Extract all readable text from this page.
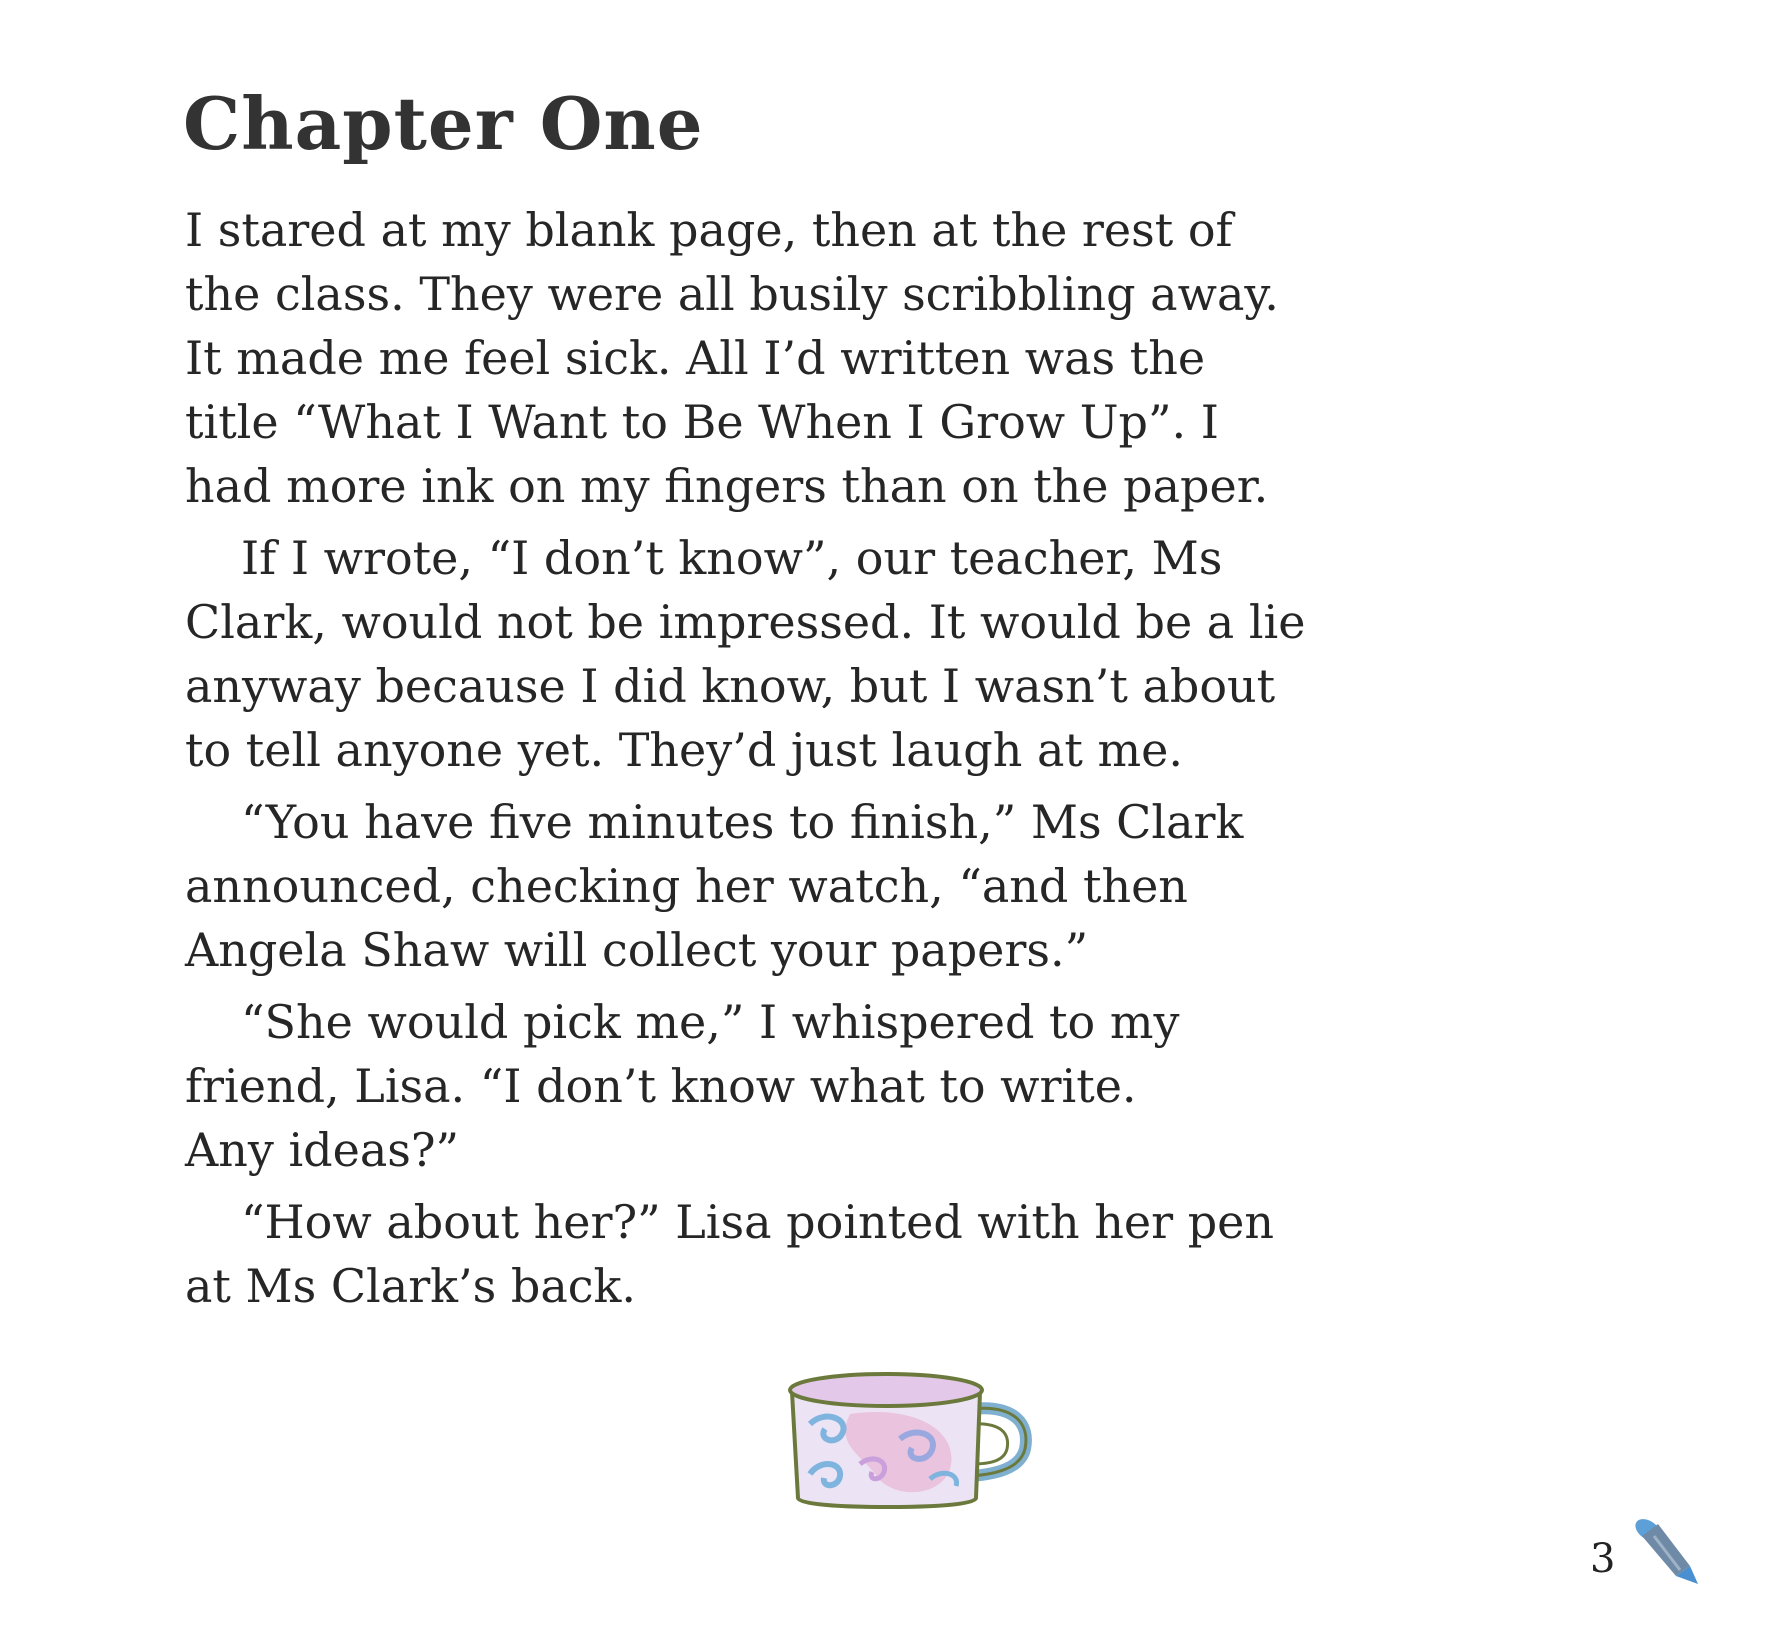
Chapter One

I stared at my blank page, then at the rest of
the class. They were all busily scribbling away.
It made me feel sick. All I’d written was the
title “What I Want to Be When I Grow Up”. I
had more ink on my fingers than on the paper.

If I wrote, “I don’t know”, our teacher, Ms
Clark, would not be impressed. It would be a lie
anyway because I did know, but I wasn’t about
to tell anyone yet. They’d just laugh at me.

“You have five minutes to finish,” Ms Clark
announced, checking her watch, “and then
Angela Shaw will collect your papers.”

“She would pick me,” I whispered to my
friend, Lisa. “I don’t know what to write.
Any ideas?”

“How about her?” Lisa pointed with her pen
at Ms Clark’s back.

3
